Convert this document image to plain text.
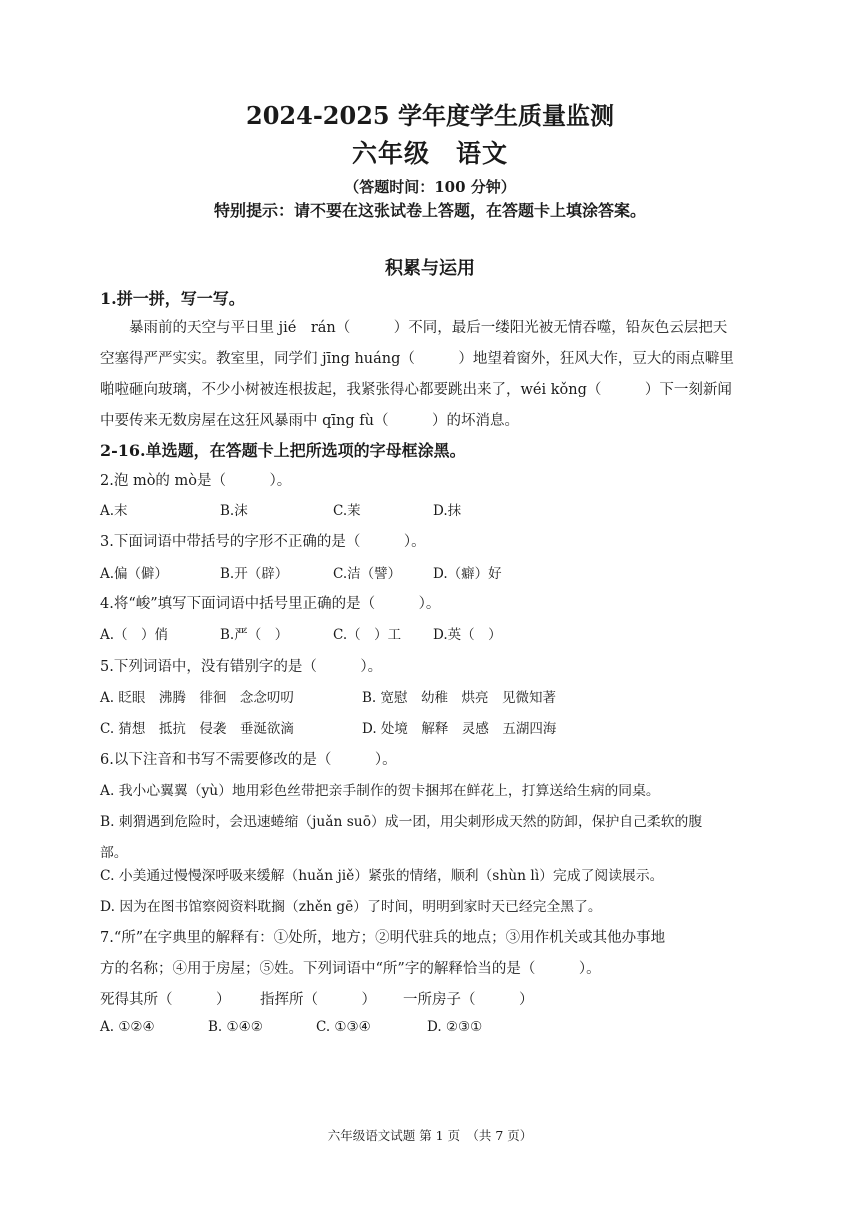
2024-2025 学年度学生质量监测
六年级　语文
（答题时间：100 分钟）
特别提示：请不要在这张试卷上答题，在答题卡上填涂答案。
积累与运用
1.拼一拼，写一写。
　　暴雨前的天空与平日里 jié　rán（　　　）不同，最后一缕阳光被无情吞噬，铅灰色云层把天
空塞得严严实实。教室里，同学们 jīng huáng（　　　）地望着窗外，狂风大作，豆大的雨点噼里
啪啦砸向玻璃，不少小树被连根拔起，我紧张得心都要跳出来了，wéi kǒng（　　　）下一刻新闻
中要传来无数房屋在这狂风暴雨中 qīng fù（　　　）的坏消息。
2-16.单选题，在答题卡上把所选项的字母框涂黑。
2.泡 mò的 mò是（　　　）。
A.末	B.沫	C.茉	D.抹
3.下面词语中带括号的字形不正确的是（　　　）。
A.偏（僻）	B.开（辟）	C.洁（譬） D.（癖）好
4.将“峻”填写下面词语中括号里正确的是（　　　）。
A.（　）俏	B.严（　）	C.（　）工 D.英（　）
5.下列词语中，没有错别字的是（　　　）。
A. 眨眼　沸腾　徘徊　念念叨叨	B. 宽慰　幼稚　烘亮　见微知著
C. 猜想　抵抗　侵袭　垂涎欲滴	D. 处境　解释　灵感　五湖四海
6.以下注音和书写不需要修改的是（　　　）。
A. 我小心翼翼（yù）地用彩色丝带把亲手制作的贺卡捆邦在鲜花上，打算送给生病的同桌。
B. 刺猬遇到危险时，会迅速蜷缩（juǎn suō）成一团，用尖刺形成天然的防卸，保护自己柔软的腹
部。
C. 小美通过慢慢深呼吸来缓解（huǎn jiě）紧张的情绪，顺利（shùn lì）完成了阅读展示。
D. 因为在图书馆察阅资料耽搁（zhěn gē）了时间，明明到家时天已经完全黑了。
7.“所”在字典里的解释有：①处所，地方；②明代驻兵的地点；③用作机关或其他办事地
方的名称；④用于房屋；⑤姓。下列词语中“所”字的解释恰当的是（　　　）。
死得其所（　　　） 指挥所（　　　） 一所房子（　　　）
A. ①②④	B. ①④②	C. ①③④	D. ②③①
六年级语文试题 第 1 页　（共 7 页）
